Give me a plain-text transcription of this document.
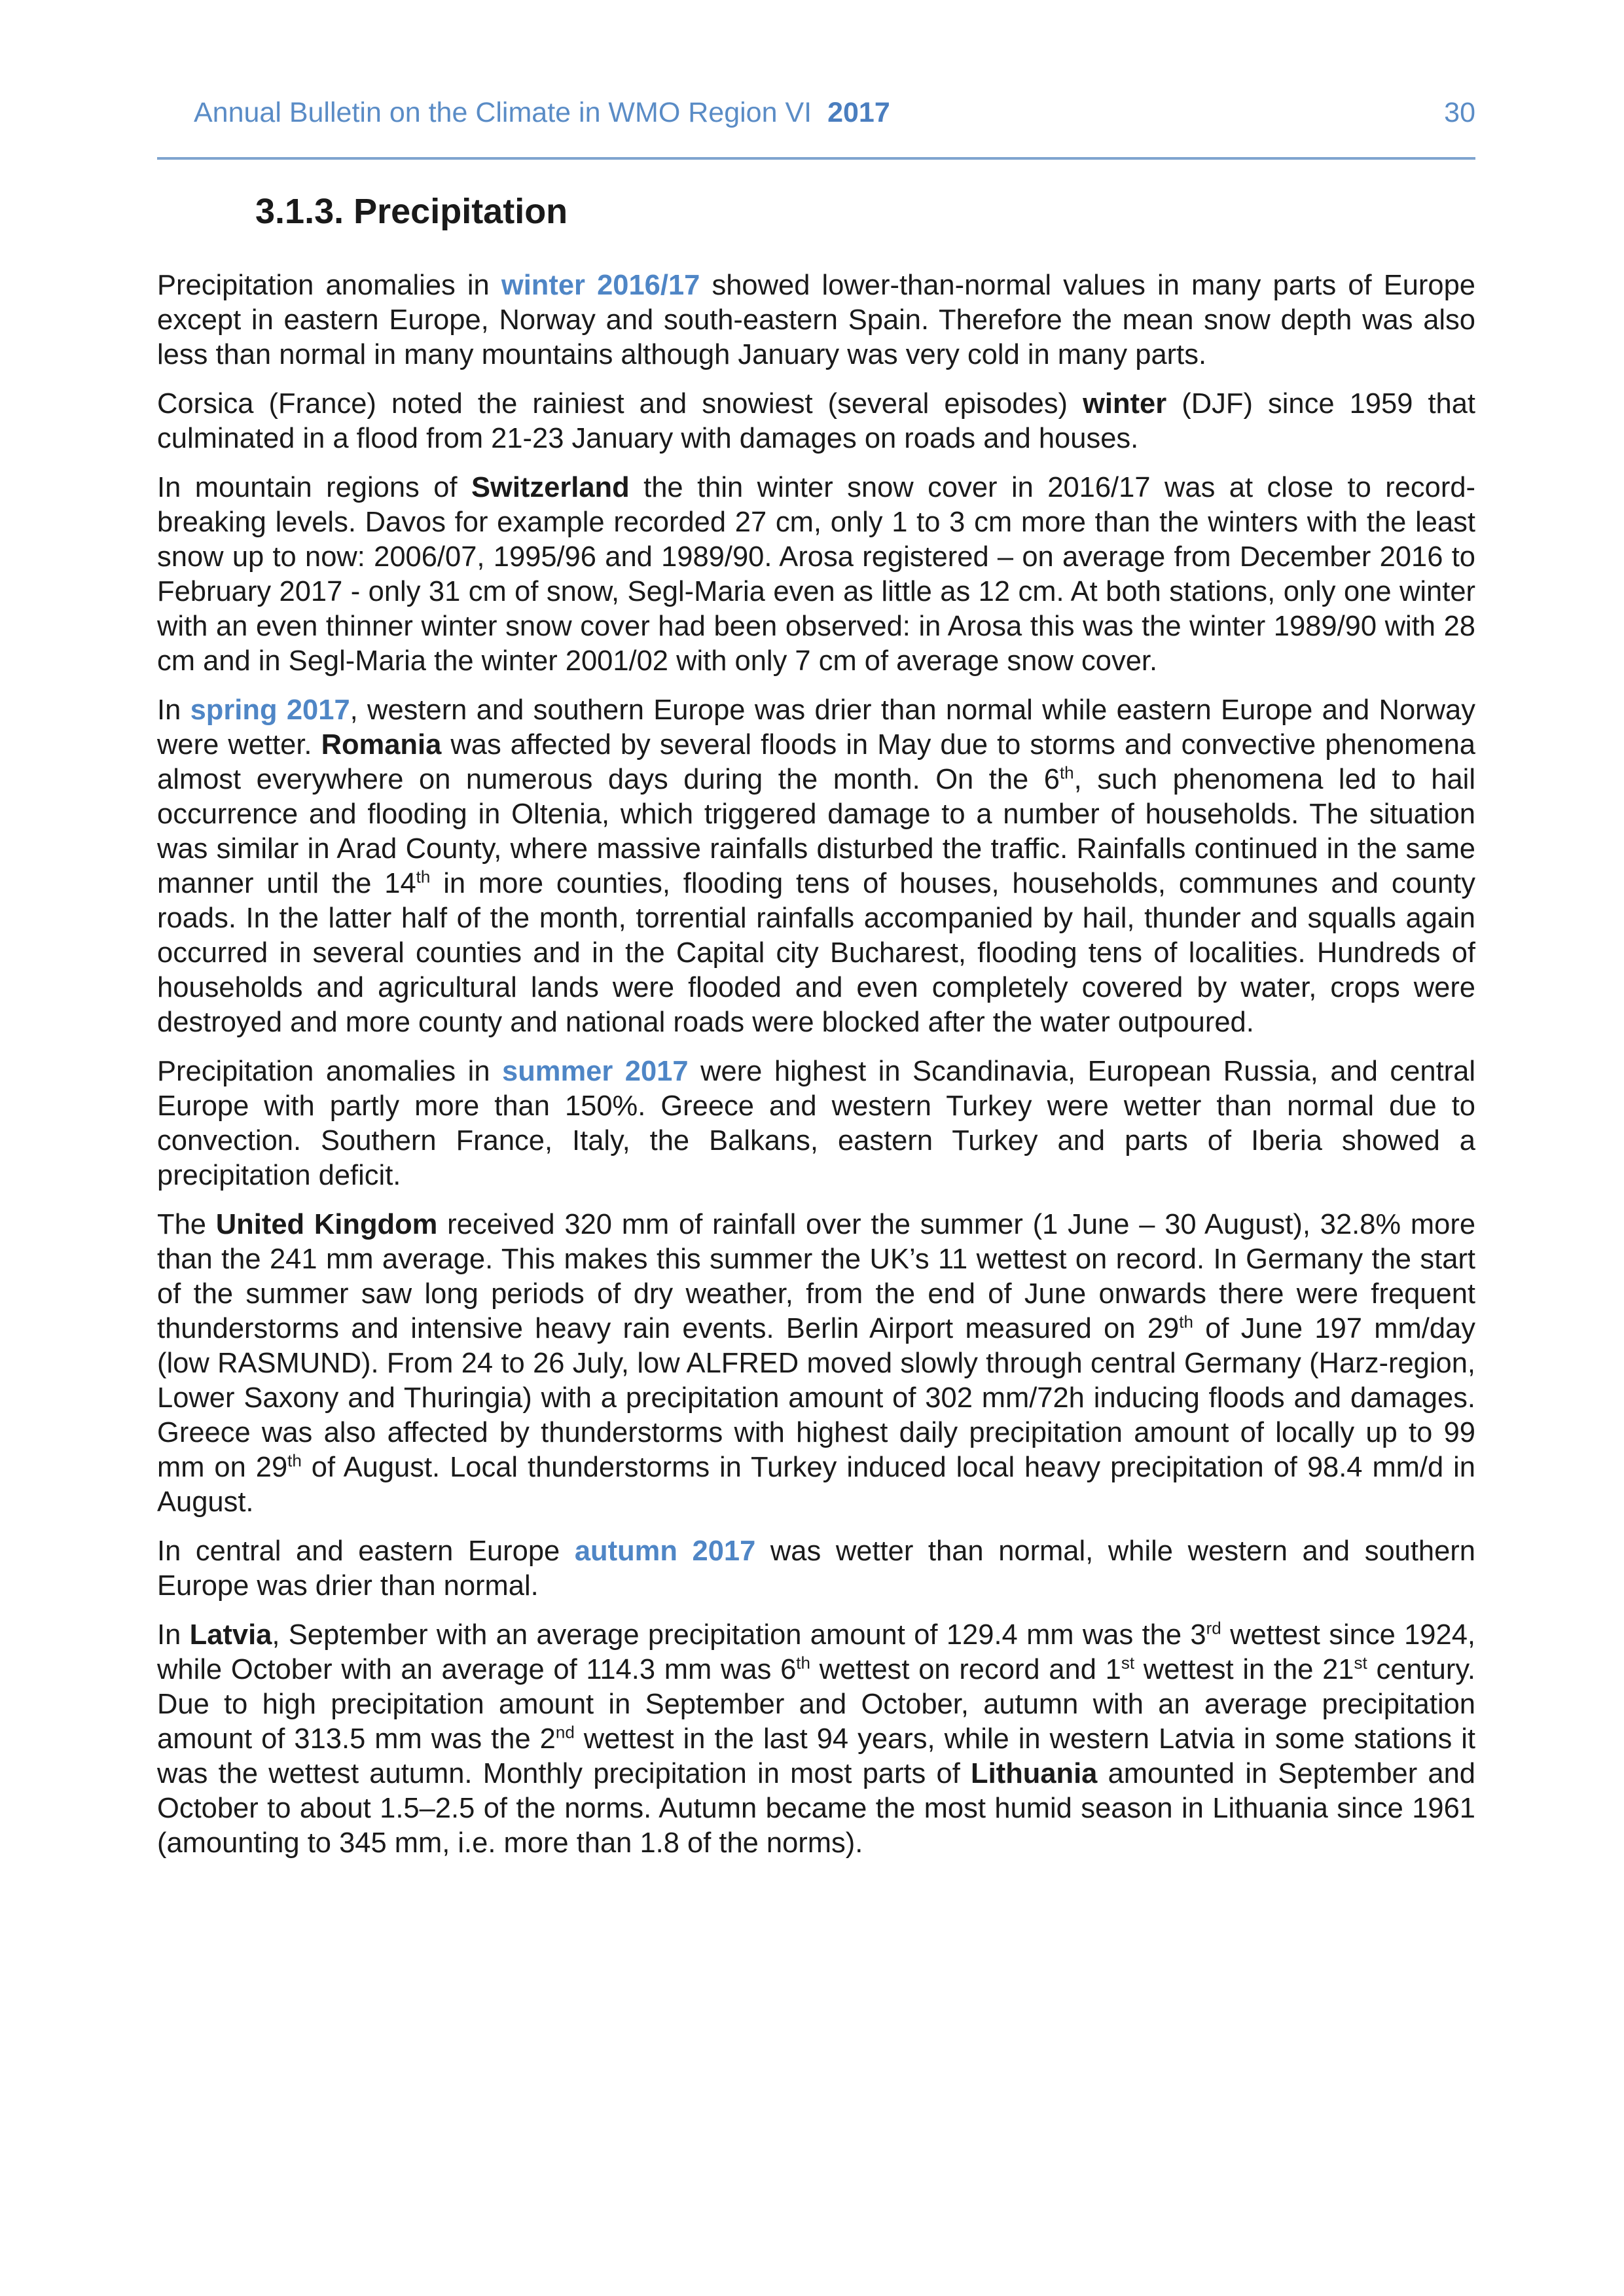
Annual Bulletin on the Climate in WMO Region VI 2017	30
3.1.3. Precipitation

Precipitation anomalies in winter 2016/17 showed lower-than-normal values in many parts of Europe except in eastern Europe, Norway and south-eastern Spain. Therefore the mean snow depth was also less than normal in many mountains although January was very cold in many parts.

Corsica (France) noted the rainiest and snowiest (several episodes) winter (DJF) since 1959 that culminated in a flood from 21-23 January with damages on roads and houses.

In mountain regions of Switzerland the thin winter snow cover in 2016/17 was at close to record-breaking levels. Davos for example recorded 27 cm, only 1 to 3 cm more than the winters with the least snow up to now: 2006/07, 1995/96 and 1989/90. Arosa registered – on average from December 2016 to February 2017 - only 31 cm of snow, Segl-Maria even as little as 12 cm. At both stations, only one winter with an even thinner winter snow cover had been observed: in Arosa this was the winter 1989/90 with 28 cm and in Segl-Maria the winter 2001/02 with only 7 cm of average snow cover.

In spring 2017, western and southern Europe was drier than normal while eastern Europe and Norway were wetter. Romania was affected by several floods in May due to storms and convective phenomena almost everywhere on numerous days during the month. On the 6th, such phenomena led to hail occurrence and flooding in Oltenia, which triggered damage to a number of households. The situation was similar in Arad County, where massive rainfalls disturbed the traffic. Rainfalls continued in the same manner until the 14th in more counties, flooding tens of houses, households, communes and county roads. In the latter half of the month, torrential rainfalls accompanied by hail, thunder and squalls again occurred in several counties and in the Capital city Bucharest, flooding tens of localities. Hundreds of households and agricultural lands were flooded and even completely covered by water, crops were destroyed and more county and national roads were blocked after the water outpoured.

Precipitation anomalies in summer 2017 were highest in Scandinavia, European Russia, and central Europe with partly more than 150%. Greece and western Turkey were wetter than normal due to convection. Southern France, Italy, the Balkans, eastern Turkey and parts of Iberia showed a precipitation deficit.

The United Kingdom received 320 mm of rainfall over the summer (1 June – 30 August), 32.8% more than the 241 mm average. This makes this summer the UK’s 11 wettest on record. In Germany the start of the summer saw long periods of dry weather, from the end of June onwards there were frequent thunderstorms and intensive heavy rain events. Berlin Airport measured on 29th of June 197 mm/day (low RASMUND). From 24 to 26 July, low ALFRED moved slowly through central Germany (Harz-region, Lower Saxony and Thuringia) with a precipitation amount of 302 mm/72h inducing floods and damages. Greece was also affected by thunderstorms with highest daily precipitation amount of locally up to 99 mm on 29th of August. Local thunderstorms in Turkey induced local heavy precipitation of 98.4 mm/d in August.

In central and eastern Europe autumn 2017 was wetter than normal, while western and southern Europe was drier than normal.

In Latvia, September with an average precipitation amount of 129.4 mm was the 3rd wettest since 1924, while October with an average of 114.3 mm was 6th wettest on record and 1st wettest in the 21st century. Due to high precipitation amount in September and October, autumn with an average precipitation amount of 313.5 mm was the 2nd wettest in the last 94 years, while in western Latvia in some stations it was the wettest autumn. Monthly precipitation in most parts of Lithuania amounted in September and October to about 1.5–2.5 of the norms. Autumn became the most humid season in Lithuania since 1961 (amounting to 345 mm, i.e. more than 1.8 of the norms).
